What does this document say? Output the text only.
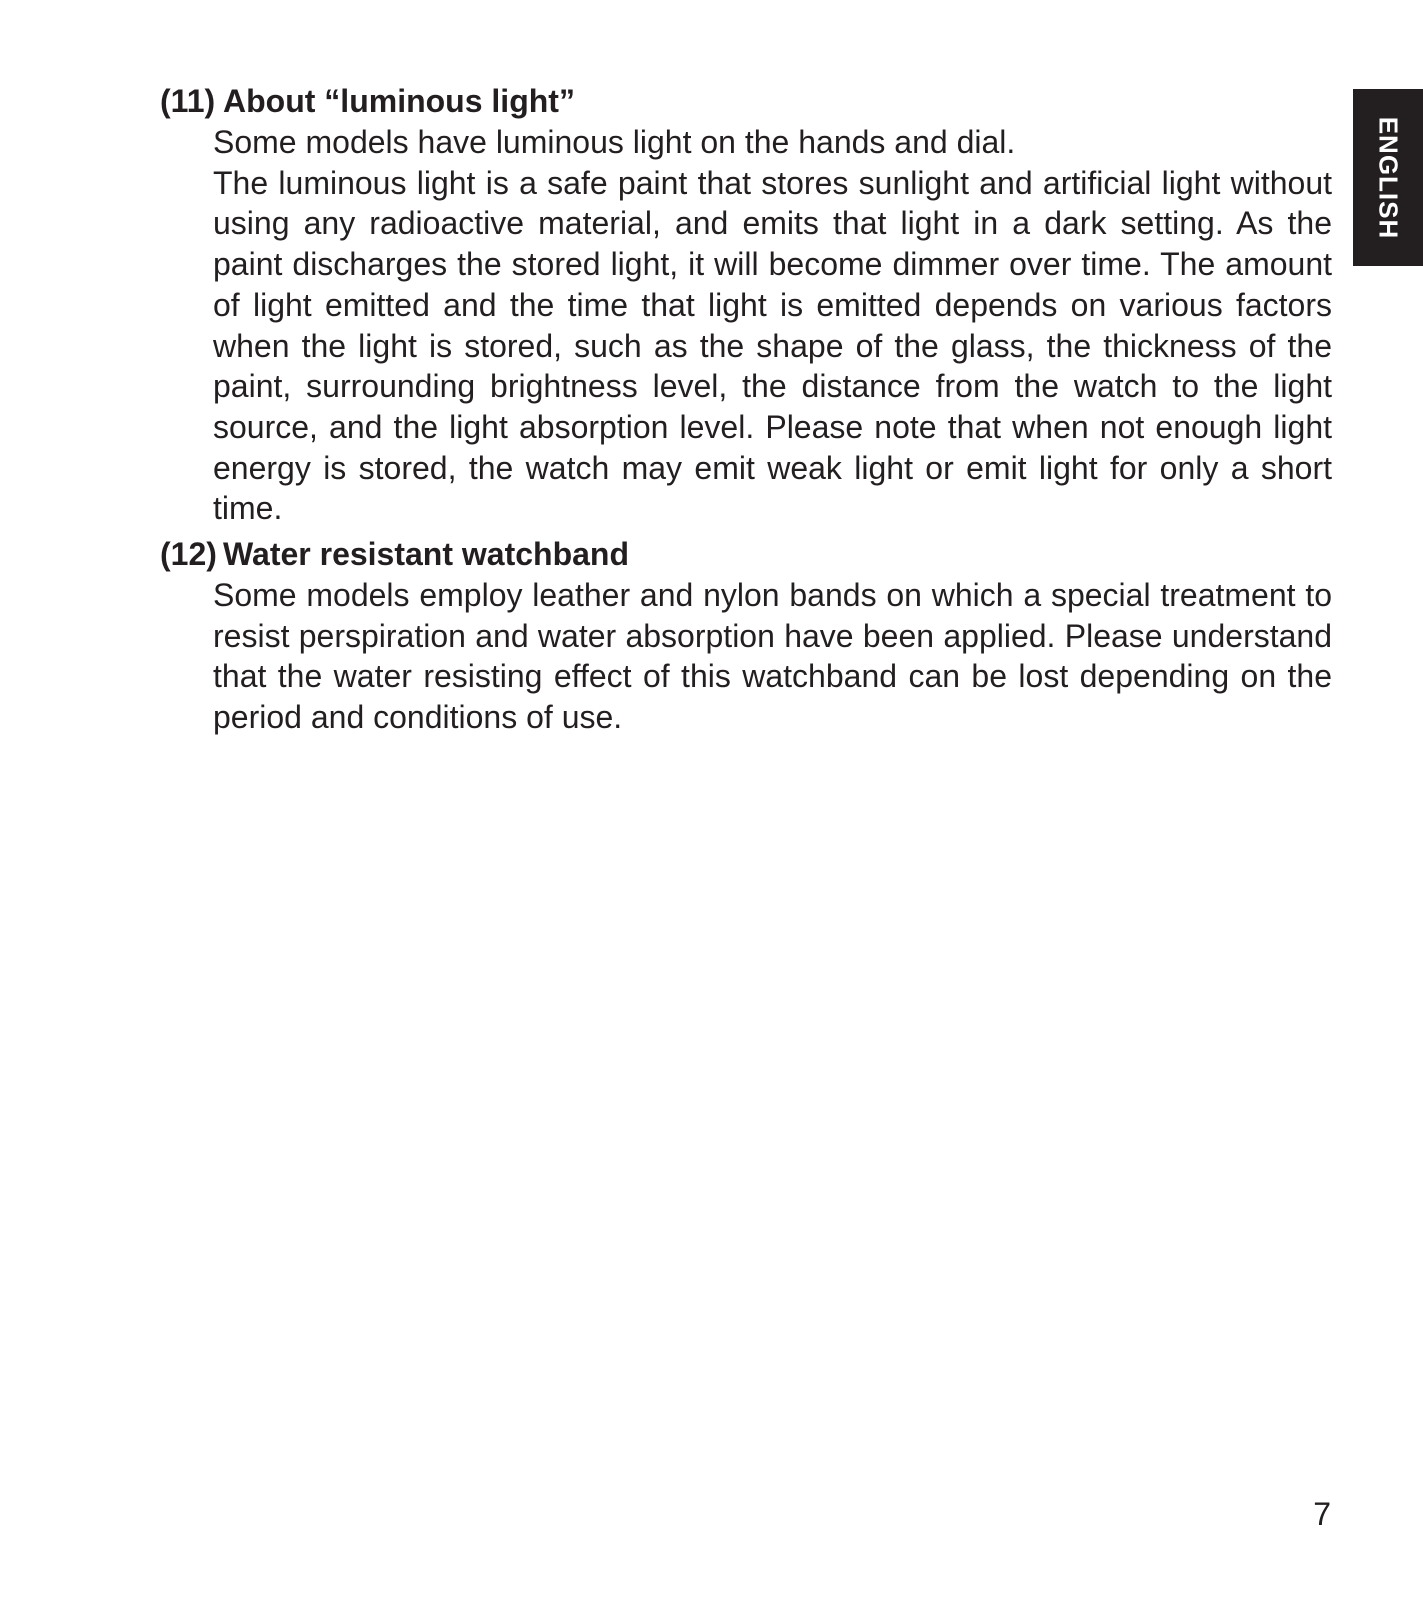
ENGLISH
(11) About “luminous light”

Some models have luminous light on the hands and dial.

The luminous light is a safe paint that stores sunlight and artificial light without using any radioactive material, and emits that light in a dark setting. As the paint discharges the stored light, it will become dimmer over time. The amount of light emitted and the time that light is emitted depends on various factors when the light is stored, such as the shape of the glass, the thickness of the paint, surrounding brightness level, the distance from the watch to the light source, and the light absorption level. Please note that when not enough light energy is stored, the watch may emit weak light or emit light for only a short time.

(12) Water resistant watchband

Some models employ leather and nylon bands on which a special treatment to resist perspiration and water absorption have been applied. Please understand that the water resisting effect of this watchband can be lost depending on the period and conditions of use.

7
